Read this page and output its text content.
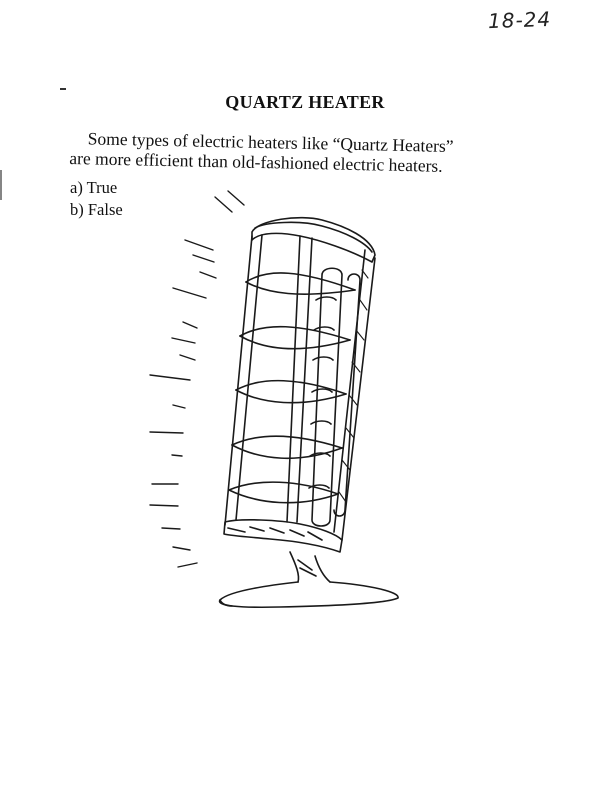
18-24
QUARTZ HEATER
Some types of electric heaters like “Quartz Heaters”
are more efficient than old-fashioned electric heaters.
a) True
b) False
